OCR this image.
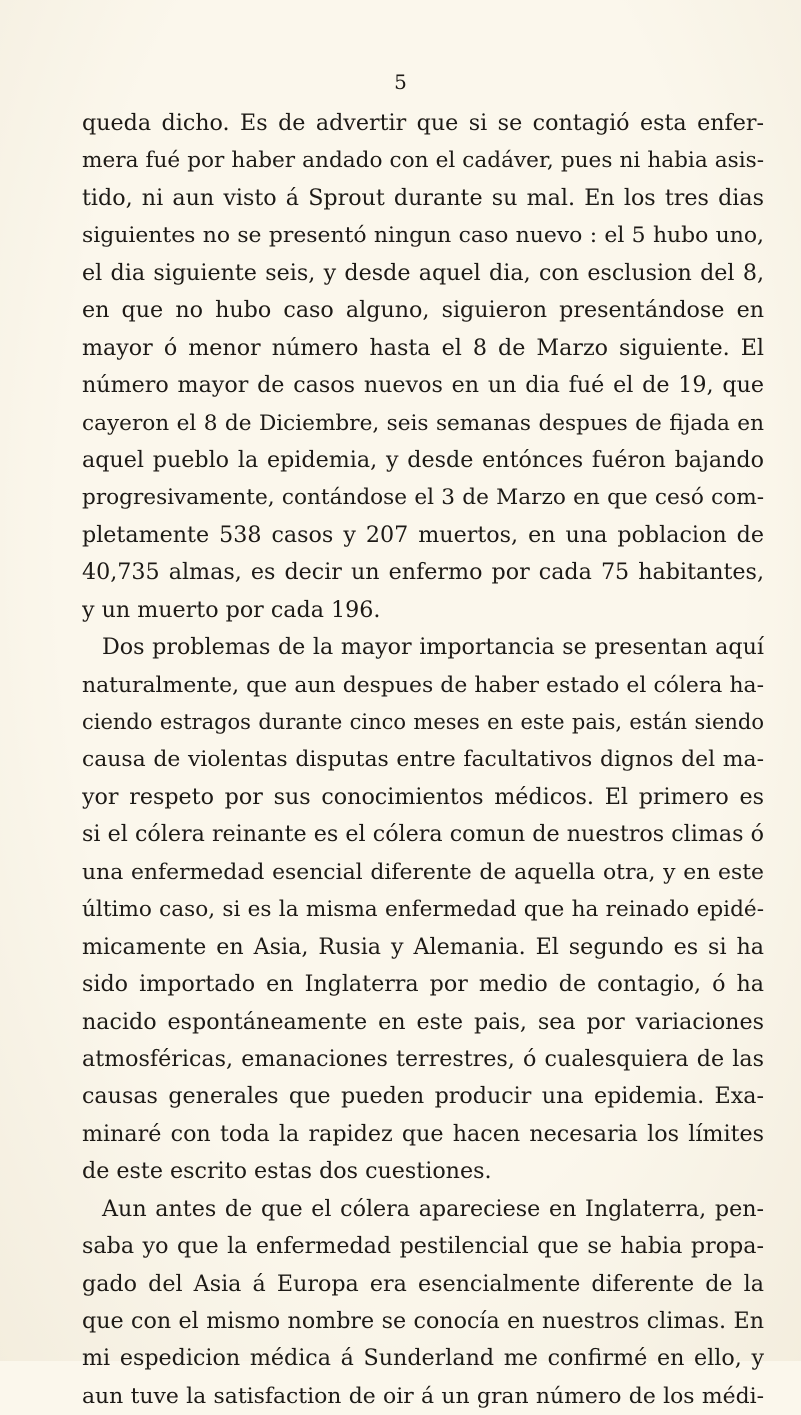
5
queda dicho. Es de advertir que si se contagió esta enfer-
mera fué por haber andado con el cadáver, pues ni habia asis-
tido, ni aun visto á Sprout durante su mal. En los tres dias
siguientes no se presentó ningun caso nuevo : el 5 hubo uno,
el dia siguiente seis, y desde aquel dia, con esclusion del 8,
en que no hubo caso alguno, siguieron presentándose en
mayor ó menor número hasta el 8 de Marzo siguiente. El
número mayor de casos nuevos en un dia fué el de 19, que
cayeron el 8 de Diciembre, seis semanas despues de fijada en
aquel pueblo la epidemia, y desde entónces fuéron bajando
progresivamente, contándose el 3 de Marzo en que cesó com-
pletamente 538 casos y 207 muertos, en una poblacion de
40,735 almas, es decir un enfermo por cada 75 habitantes,
y un muerto por cada 196.
Dos problemas de la mayor importancia se presentan aquí
naturalmente, que aun despues de haber estado el cólera ha-
ciendo estragos durante cinco meses en este pais, están siendo
causa de violentas disputas entre facultativos dignos del ma-
yor respeto por sus conocimientos médicos. El primero es
si el cólera reinante es el cólera comun de nuestros climas ó
una enfermedad esencial diferente de aquella otra, y en este
último caso, si es la misma enfermedad que ha reinado epidé-
micamente en Asia, Rusia y Alemania. El segundo es si ha
sido importado en Inglaterra por medio de contagio, ó ha
nacido espontáneamente en este pais, sea por variaciones
atmosféricas, emanaciones terrestres, ó cualesquiera de las
causas generales que pueden producir una epidemia. Exa-
minaré con toda la rapidez que hacen necesaria los límites
de este escrito estas dos cuestiones.
Aun antes de que el cólera apareciese en Inglaterra, pen-
saba yo que la enfermedad pestilencial que se habia propa-
gado del Asia á Europa era esencialmente diferente de la
que con el mismo nombre se conocía en nuestros climas. En
mi espedicion médica á Sunderland me confirmé en ello, y
aun tuve la satisfaction de oir á un gran número de los médi-
